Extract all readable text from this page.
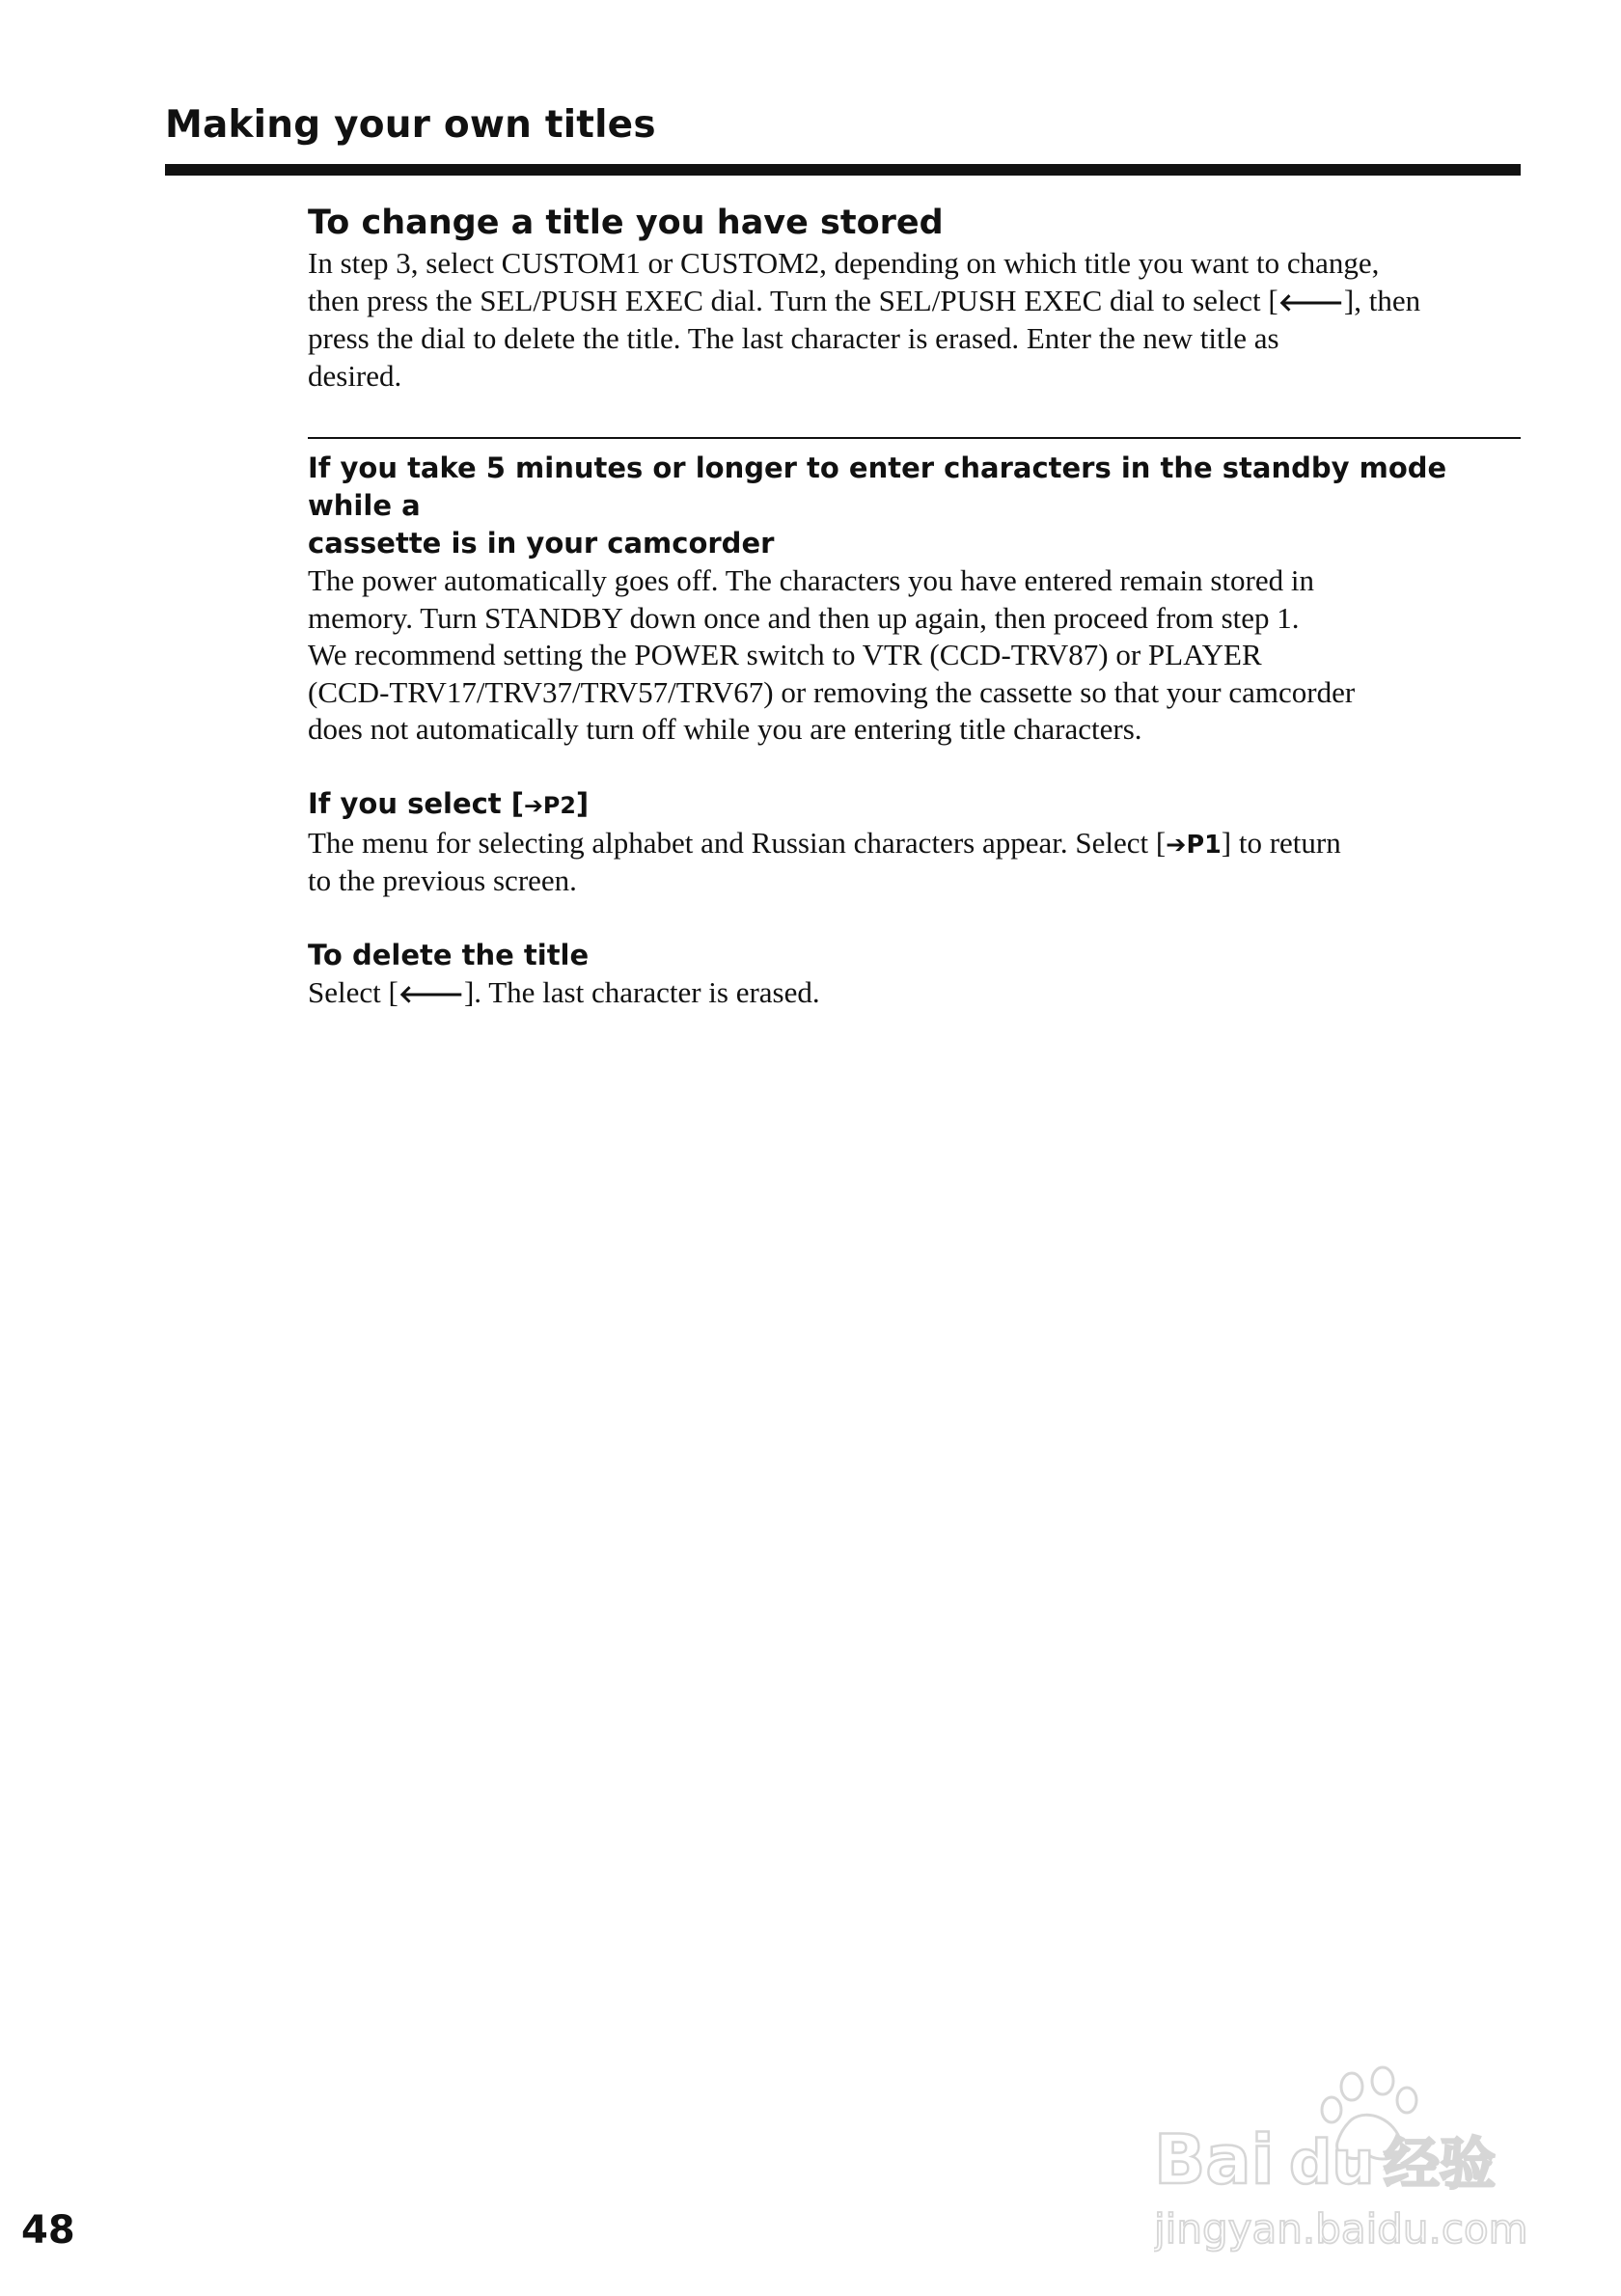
Making your own titles
To change a title you have stored

In step 3, select CUSTOM1 or CUSTOM2, depending on which title you want to change,
then press the SEL/PUSH EXEC dial. Turn the SEL/PUSH EXEC dial to select [🡐], then
press the dial to delete the title. The last character is erased. Enter the new title as
desired.

If you take 5 minutes or longer to enter characters in the standby mode while a
cassette is in your camcorder

The power automatically goes off. The characters you have entered remain stored in
memory. Turn STANDBY down once and then up again, then proceed from step 1.
We recommend setting the POWER switch to VTR (CCD-TRV87) or PLAYER
(CCD-TRV17/TRV37/TRV57/TRV67) or removing the cassette so that your camcorder
does not automatically turn off while you are entering title characters.

If you select [➔P2]

The menu for selecting alphabet and Russian characters appear. Select [➔P1] to return
to the previous screen.

To delete the title

Select [🡐]. The last character is erased.

48

Bai du 经验
jingyan.baidu.com
